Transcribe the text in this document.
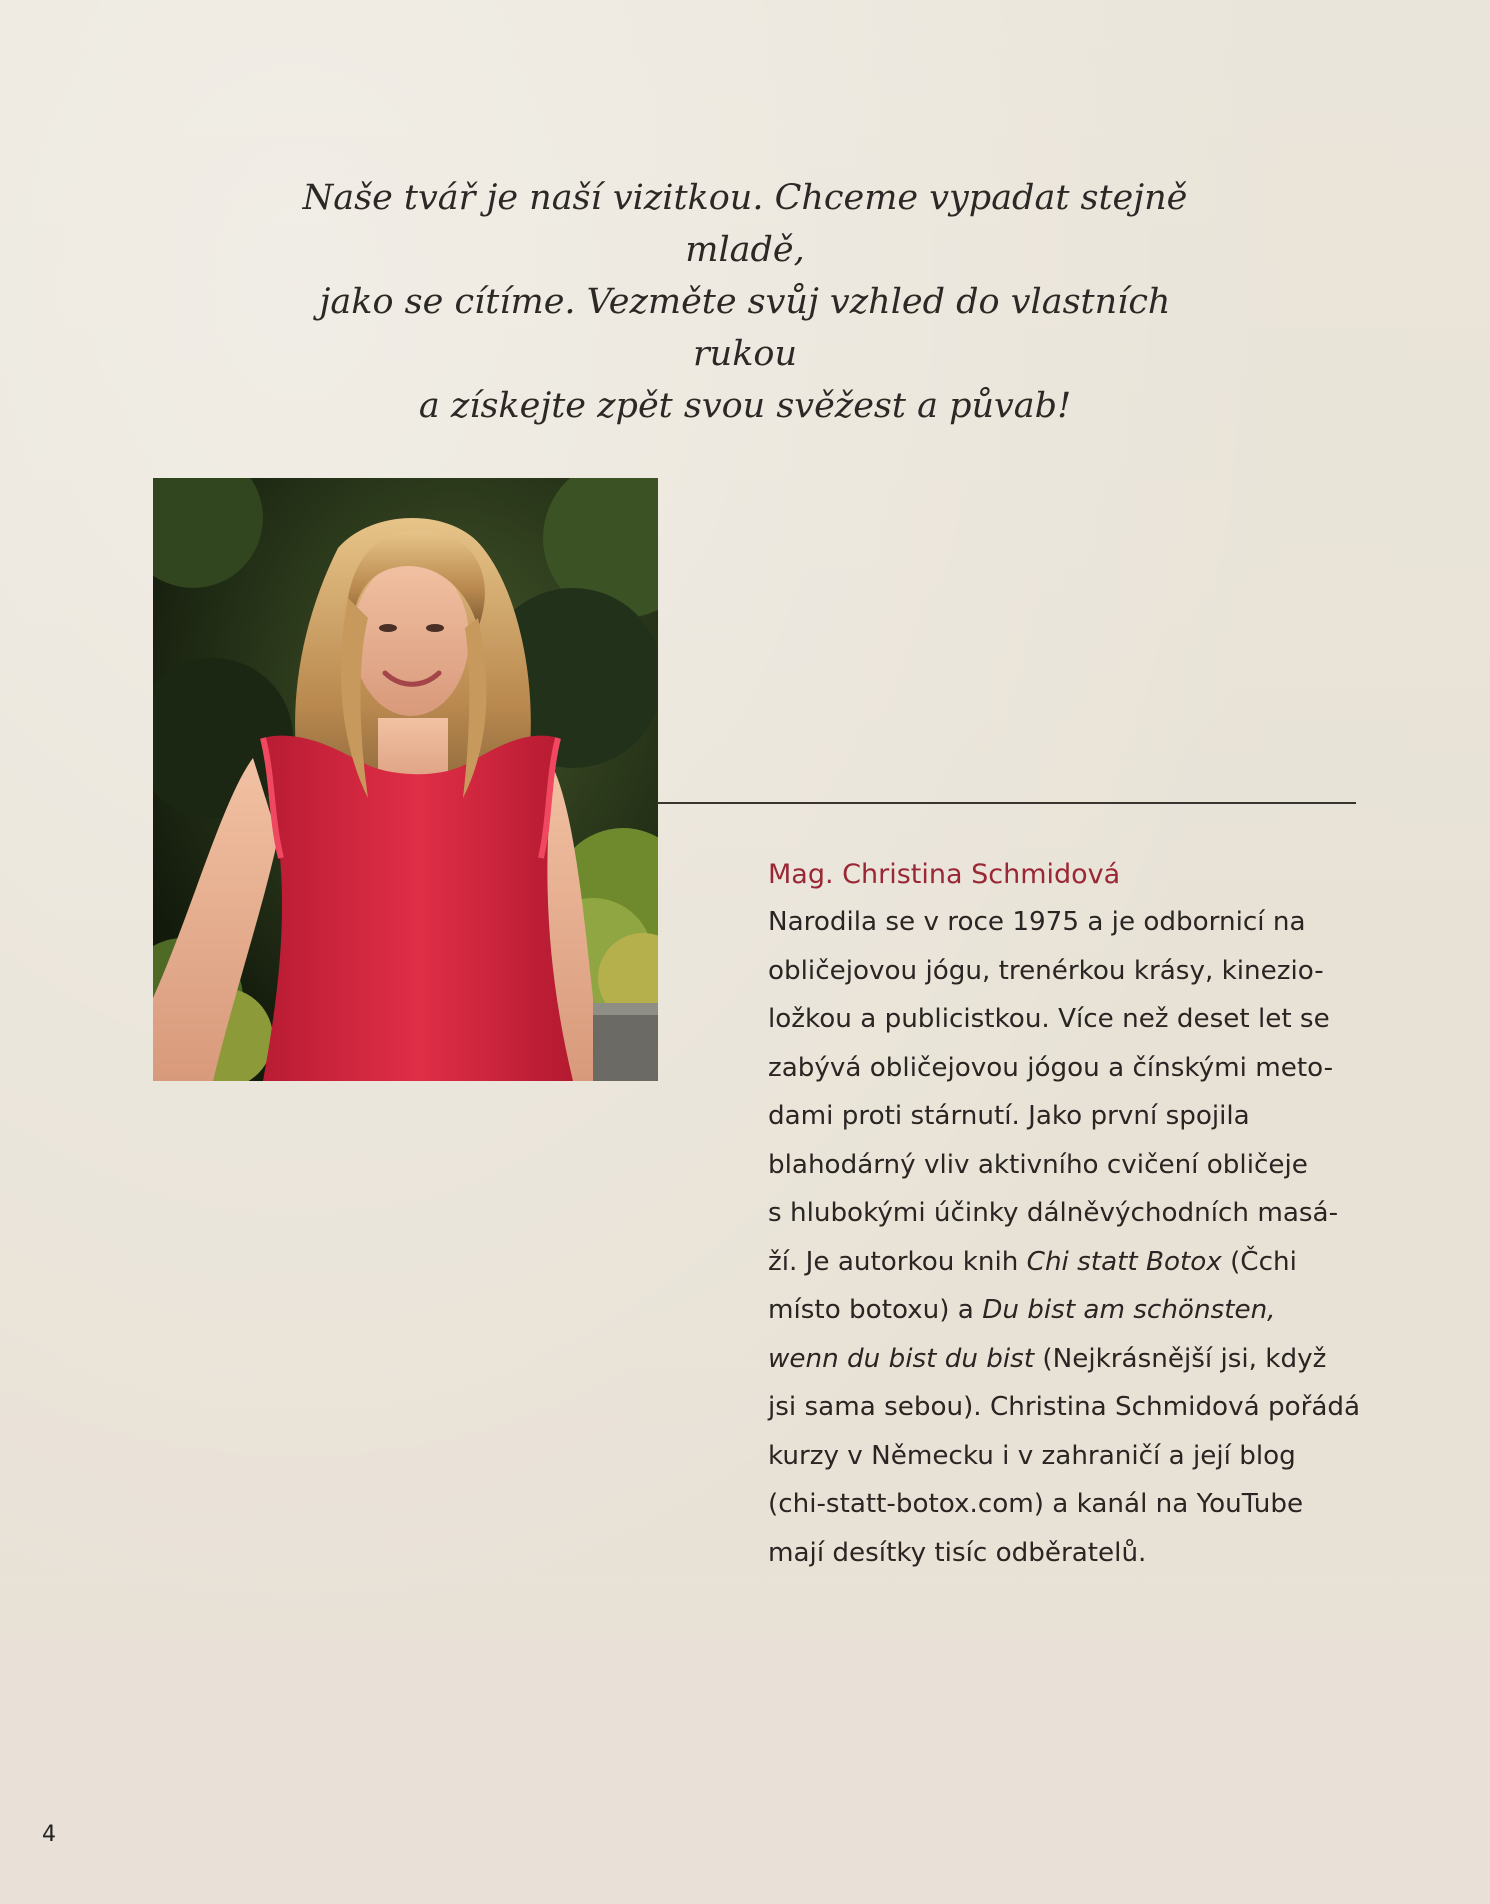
Naše tvář je naší vizitkou. Chceme vypadat stejně mladě,
jako se cítíme. Vezměte svůj vzhled do vlastních rukou
a získejte zpět svou svěžest a půvab!

Mag. Christina Schmidová

Narodila se v roce 1975 a je odbornicí na
obličejovou jógu, trenérkou krásy, kinezio-
ložkou a publicistkou. Více než deset let se
zabývá obličejovou jógou a čínskými meto-
dami proti stárnutí. Jako první spojila
blahodárný vliv aktivního cvičení obličeje
s hlubokými účinky dálněvýchodních masá-
ží. Je autorkou knih Chi statt Botox (Čchi
místo botoxu) a Du bist am schönsten,
wenn du bist du bist (Nejkrásnější jsi, když
jsi sama sebou). Christina Schmidová pořádá
kurzy v Německu i v zahraničí a její blog
(chi-statt-botox.com) a kanál na YouTube
mají desítky tisíc odběratelů.

4
